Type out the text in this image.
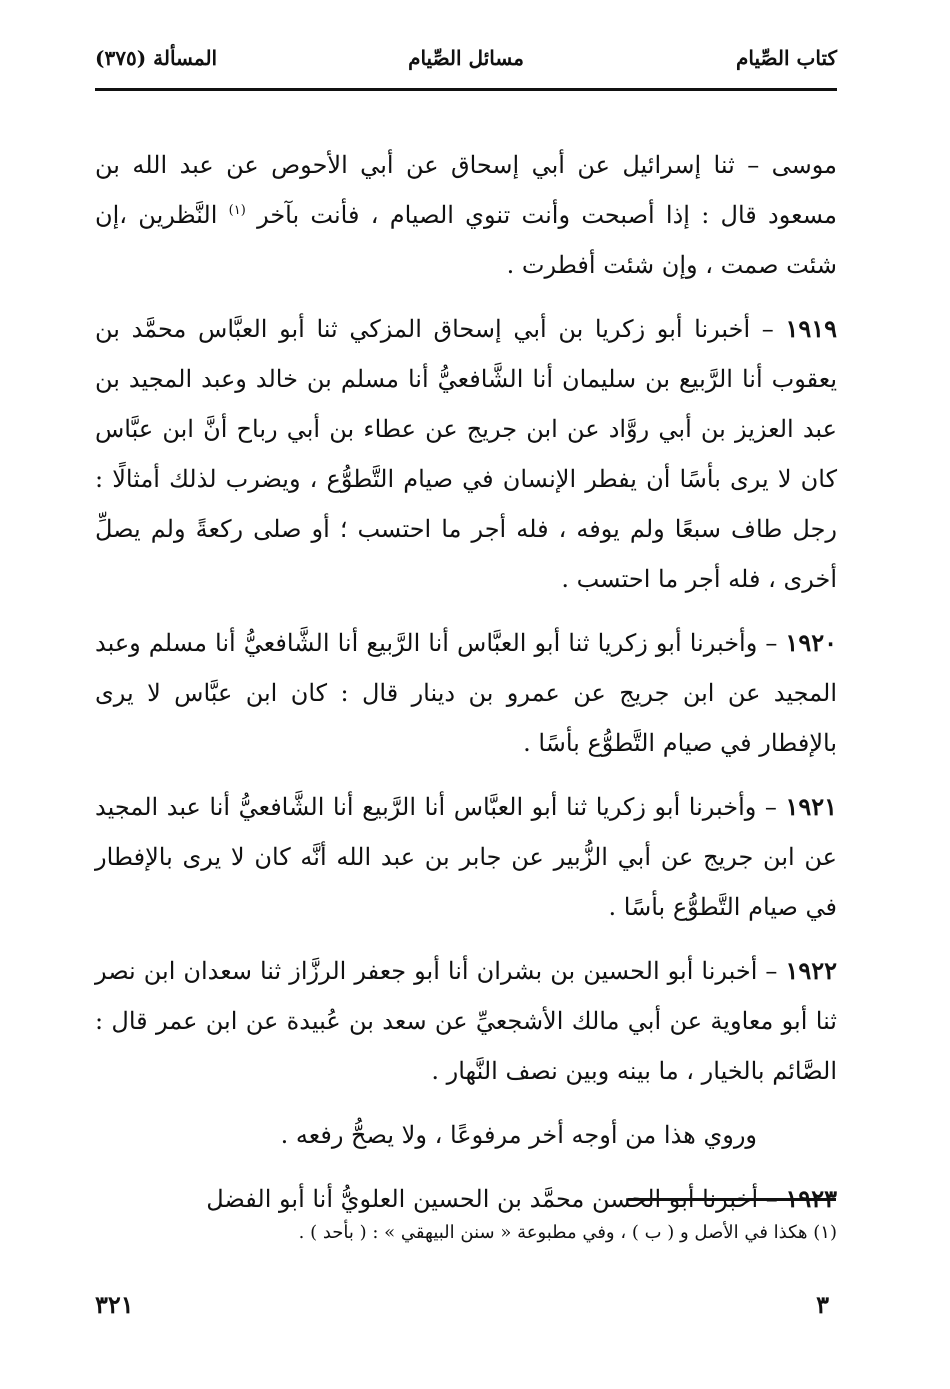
كتاب الصِّيام
مسائل الصِّيام
المسألة (٣٧٥)

موسى – ثنا إسرائيل عن أبي إسحاق عن أبي الأحوص عن عبد الله بن مسعود قال : إذا أصبحت وأنت تنوي الصيام ، فأنت بآخر $^{(١)}$ النَّظرين ،إن شئت صمت ، وإن شئت أفطرت .

١٩١٩ – أخبرنا أبو زكريا بن أبي إسحاق المزكي ثنا أبو العبَّاس محمَّد بن يعقوب أنا الرَّبيع بن سليمان أنا الشَّافعيُّ أنا مسلم بن خالد وعبد المجيد بن عبد العزيز بن أبي روَّاد عن ابن جريج عن عطاء بن أبي رباح أنَّ ابن عبَّاس كان لا يرى بأسًا أن يفطر الإنسان في صيام التَّطوُّع ، ويضرب لذلك أمثالًا : رجل طاف سبعًا ولم يوفه ، فله أجر ما احتسب ؛ أو صلى ركعةً ولم يصلِّ أخرى ، فله أجر ما احتسب .

١٩٢٠ – وأخبرنا أبو زكريا ثنا أبو العبَّاس أنا الرَّبيع أنا الشَّافعيُّ أنا مسلم وعبد المجيد عن ابن جريج عن عمرو بن دينار قال : كان ابن عبَّاس لا يرى بالإفطار في صيام التَّطوُّع بأسًا .

١٩٢١ – وأخبرنا أبو زكريا ثنا أبو العبَّاس أنا الرَّبيع أنا الشَّافعيُّ أنا عبد المجيد عن ابن جريج عن أبي الزُّبير عن جابر بن عبد الله أنَّه كان لا يرى بالإفطار في صيام التَّطوُّع بأسًا .

١٩٢٢ – أخبرنا أبو الحسين بن بشران أنا أبو جعفر الرزَّاز ثنا سعدان ابن نصر ثنا أبو معاوية عن أبي مالك الأشجعيِّ عن سعد بن عُبيدة عن ابن عمر قال : الصَّائم بالخيار ، ما بينه وبين نصف النَّهار .

وروي هذا من أوجه أخر مرفوعًا ، ولا يصحُّ رفعه .

١٩٢٣ – أخبرنا أبو الحسن محمَّد بن الحسين العلويُّ أنا أبو الفضل

(١) هكذا في الأصل و ( ب ) ، وفي مطبوعة « سنن البيهقي » : ( بأحد ) .
٣
٣٢١
